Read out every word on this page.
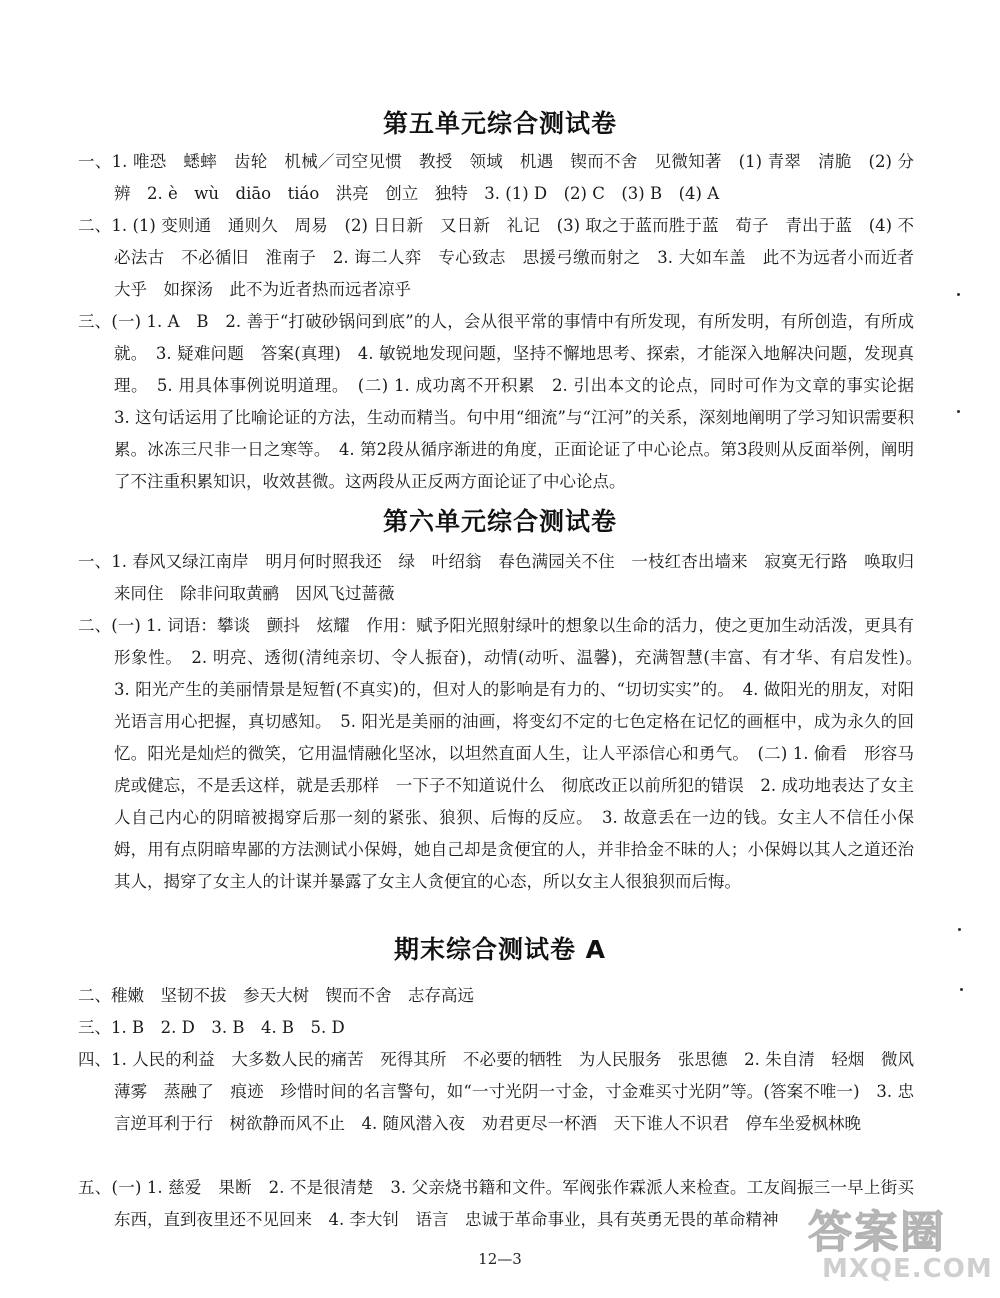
第五单元综合测试卷
一、1. 唯恐　蟋蟀　齿轮　机械／司空见惯　教授　领域　机遇　锲而不舍　见微知著　(1) 青翠　清脆　(2) 分辨　2. è　wù　diāo　tiáo　洪亮　创立　独特　3. (1) D　(2) C　(3) B　(4) A
二、1. (1) 变则通　通则久　周易　(2) 日日新　又日新　礼记　(3) 取之于蓝而胜于蓝　荀子　青出于蓝　(4) 不必法古　不必循旧　淮南子　2. 诲二人弈　专心致志　思援弓缴而射之　3. 大如车盖　此不为远者小而近者大乎　如探汤　此不为近者热而远者凉乎
三、(一) 1. A　B　2. 善于“打破砂锅问到底”的人，会从很平常的事情中有所发现，有所发明，有所创造，有所成就。　3. 疑难问题　答案(真理)　4. 敏锐地发现问题，坚持不懈地思考、探索，才能深入地解决问题，发现真理。　5. 用具体事例说明道理。　(二) 1. 成功离不开积累　2. 引出本文的论点，同时可作为文章的事实论据　3. 这句话运用了比喻论证的方法，生动而精当。句中用“细流”与“江河”的关系，深刻地阐明了学习知识需要积累。冰冻三尺非一日之寒等。　4. 第2段从循序渐进的角度，正面论证了中心论点。第3段则从反面举例，阐明了不注重积累知识，收效甚微。这两段从正反两方面论证了中心论点。
第六单元综合测试卷
一、1. 春风又绿江南岸　明月何时照我还　绿　叶绍翁　春色满园关不住　一枝红杏出墙来　寂寞无行路　唤取归来同住　除非问取黄鹂　因风飞过蔷薇
二、(一) 1. 词语：攀谈　颤抖　炫耀　作用：赋予阳光照射绿叶的想象以生命的活力，使之更加生动活泼，更具有形象性。　2. 明亮、透彻(清纯亲切、令人振奋)，动情(动听、温馨)，充满智慧(丰富、有才华、有启发性)。　3. 阳光产生的美丽情景是短暂(不真实)的，但对人的影响是有力的、“切切实实”的。　4. 做阳光的朋友，对阳光语言用心把握，真切感知。　5. 阳光是美丽的油画，将变幻不定的七色定格在记忆的画框中，成为永久的回忆。阳光是灿烂的微笑，它用温情融化坚冰，以坦然直面人生，让人平添信心和勇气。　(二) 1. 偷看　形容马虎或健忘，不是丢这样，就是丢那样　一下子不知道说什么　彻底改正以前所犯的错误　2. 成功地表达了女主人自己内心的阴暗被揭穿后那一刻的紧张、狼狈、后悔的反应。　3. 故意丢在一边的钱。女主人不信任小保姆，用有点阴暗卑鄙的方法测试小保姆，她自己却是贪便宜的人，并非拾金不昧的人；小保姆以其人之道还治其人，揭穿了女主人的计谋并暴露了女主人贪便宜的心态，所以女主人很狼狈而后悔。
期末综合测试卷 A
二、稚嫩　坚韧不拔　参天大树　锲而不舍　志存高远
三、1. B　2. D　3. B　4. B　5. D
四、1. 人民的利益　大多数人民的痛苦　死得其所　不必要的牺牲　为人民服务　张思德　2. 朱自清　轻烟　微风　薄雾　蒸融了　痕迹　珍惜时间的名言警句，如“一寸光阴一寸金，寸金难买寸光阴”等。(答案不唯一)　3. 忠言逆耳利于行　树欲静而风不止　4. 随风潜入夜　劝君更尽一杯酒　天下谁人不识君　停车坐爱枫林晚
五、(一) 1. 慈爱　果断　2. 不是很清楚　3. 父亲烧书籍和文件。军阀张作霖派人来检查。工友阎振三一早上街买东西，直到夜里还不见回来　4. 李大钊　语言　忠诚于革命事业，具有英勇无畏的革命精神
12—3
答案圈
MXQE.COM
